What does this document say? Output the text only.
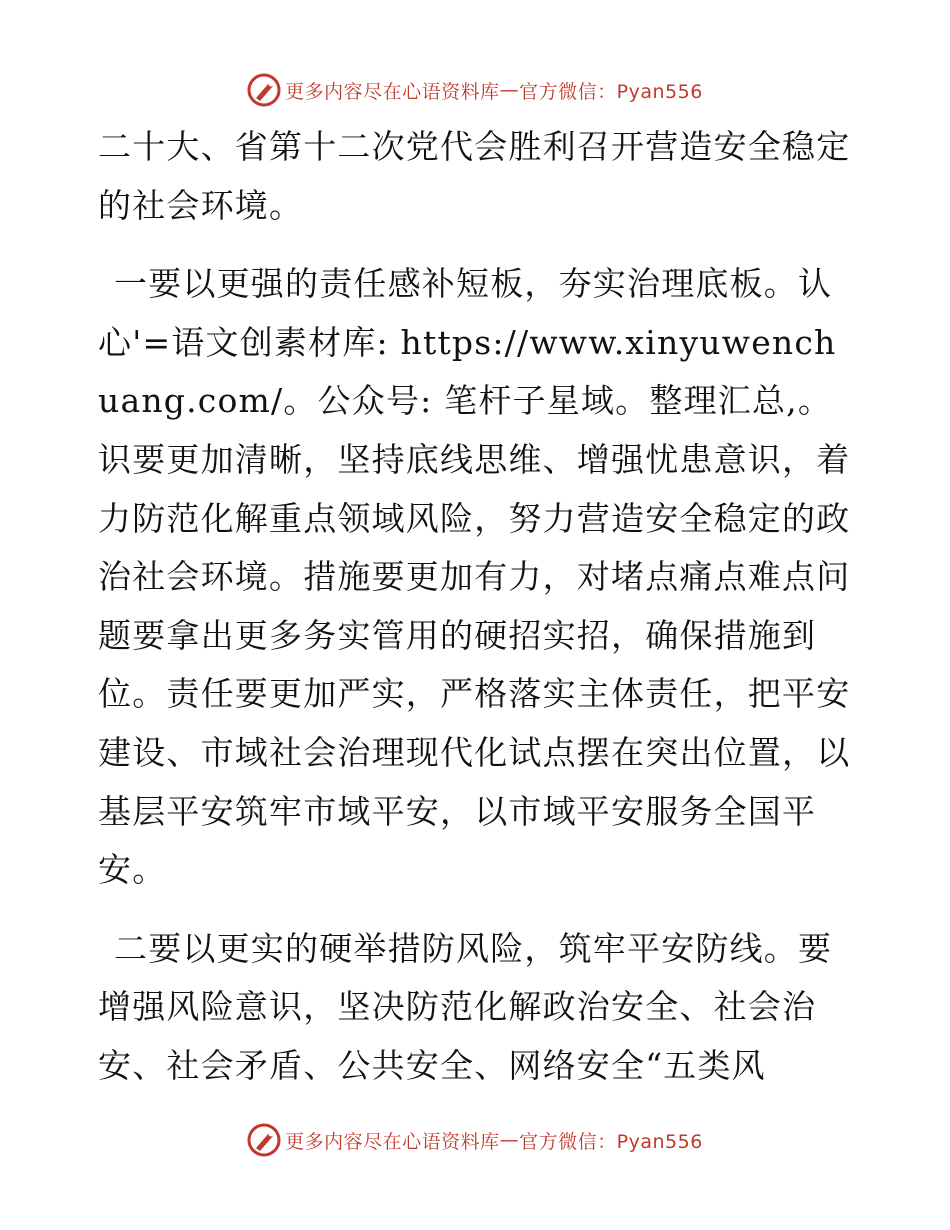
更多内容尽在心语资料库 — 官方微信：Pyan556

二十大、省第十二次党代会胜利召开营造安全稳定的社会环境。

一要以更强的责任感补短板，夯实治理底板。认心'=语文创素材库: https://www.xinyuwenchuang.com/。公众号: 笔杆子星域。整理汇总,。识要更加清晰，坚持底线思维、增强忧患意识，着力防范化解重点领域风险，努力营造安全稳定的政治社会环境。措施要更加有力，对堵点痛点难点问题要拿出更多务实管用的硬招实招，确保措施到位。责任要更加严实，严格落实主体责任，把平安建设、市域社会治理现代化试点摆在突出位置，以基层平安筑牢市域平安，以市域平安服务全国平安。

二要以更实的硬举措防风险，筑牢平安防线。要增强风险意识，坚决防范化解政治安全、社会治安、社会矛盾、公共安全、网络安全“五类风

更多内容尽在心语资料库 — 官方微信：Pyan556
